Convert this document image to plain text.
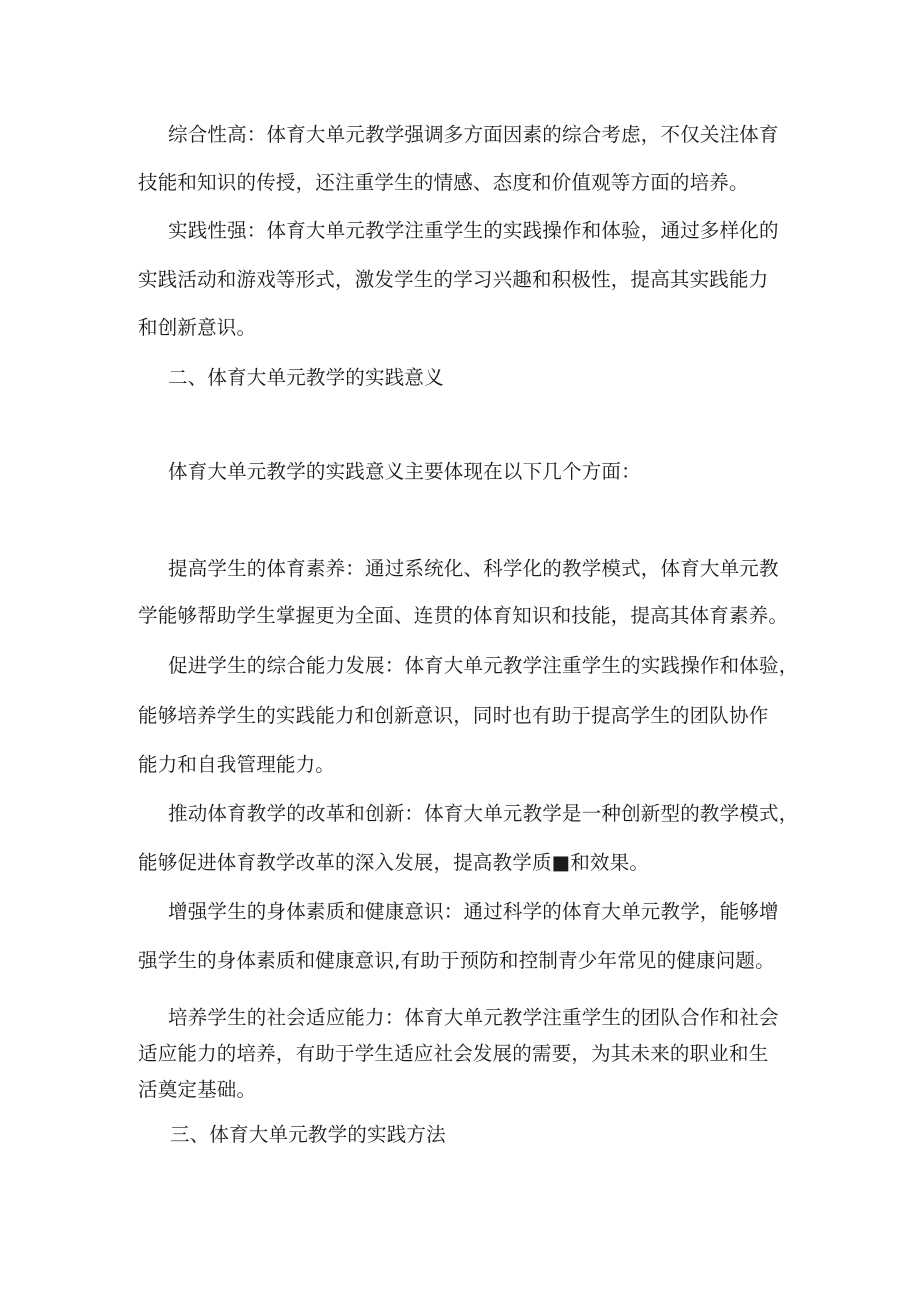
综合性高：体育大单元教学强调多方面因素的综合考虑，不仅关注体育
技能和知识的传授，还注重学生的情感、态度和价值观等方面的培养。
实践性强：体育大单元教学注重学生的实践操作和体验，通过多样化的
实践活动和游戏等形式，激发学生的学习兴趣和积极性，提高其实践能力
和创新意识。
二、体育大单元教学的实践意义
体育大单元教学的实践意义主要体现在以下几个方面：
提高学生的体育素养：通过系统化、科学化的教学模式，体育大单元教
学能够帮助学生掌握更为全面、连贯的体育知识和技能，提高其体育素养。
促进学生的综合能力发展：体育大单元教学注重学生的实践操作和体验，
能够培养学生的实践能力和创新意识，同时也有助于提高学生的团队协作
能力和自我管理能力。
推动体育教学的改革和创新：体育大单元教学是一种创新型的教学模式，
能够促进体育教学改革的深入发展，提高教学质■和效果。
增强学生的身体素质和健康意识：通过科学的体育大单元教学，能够增
强学生的身体素质和健康意识,有助于预防和控制青少年常见的健康问题。
培养学生的社会适应能力：体育大单元教学注重学生的团队合作和社会
适应能力的培养，有助于学生适应社会发展的需要，为其未来的职业和生
活奠定基础。
三、体育大单元教学的实践方法
